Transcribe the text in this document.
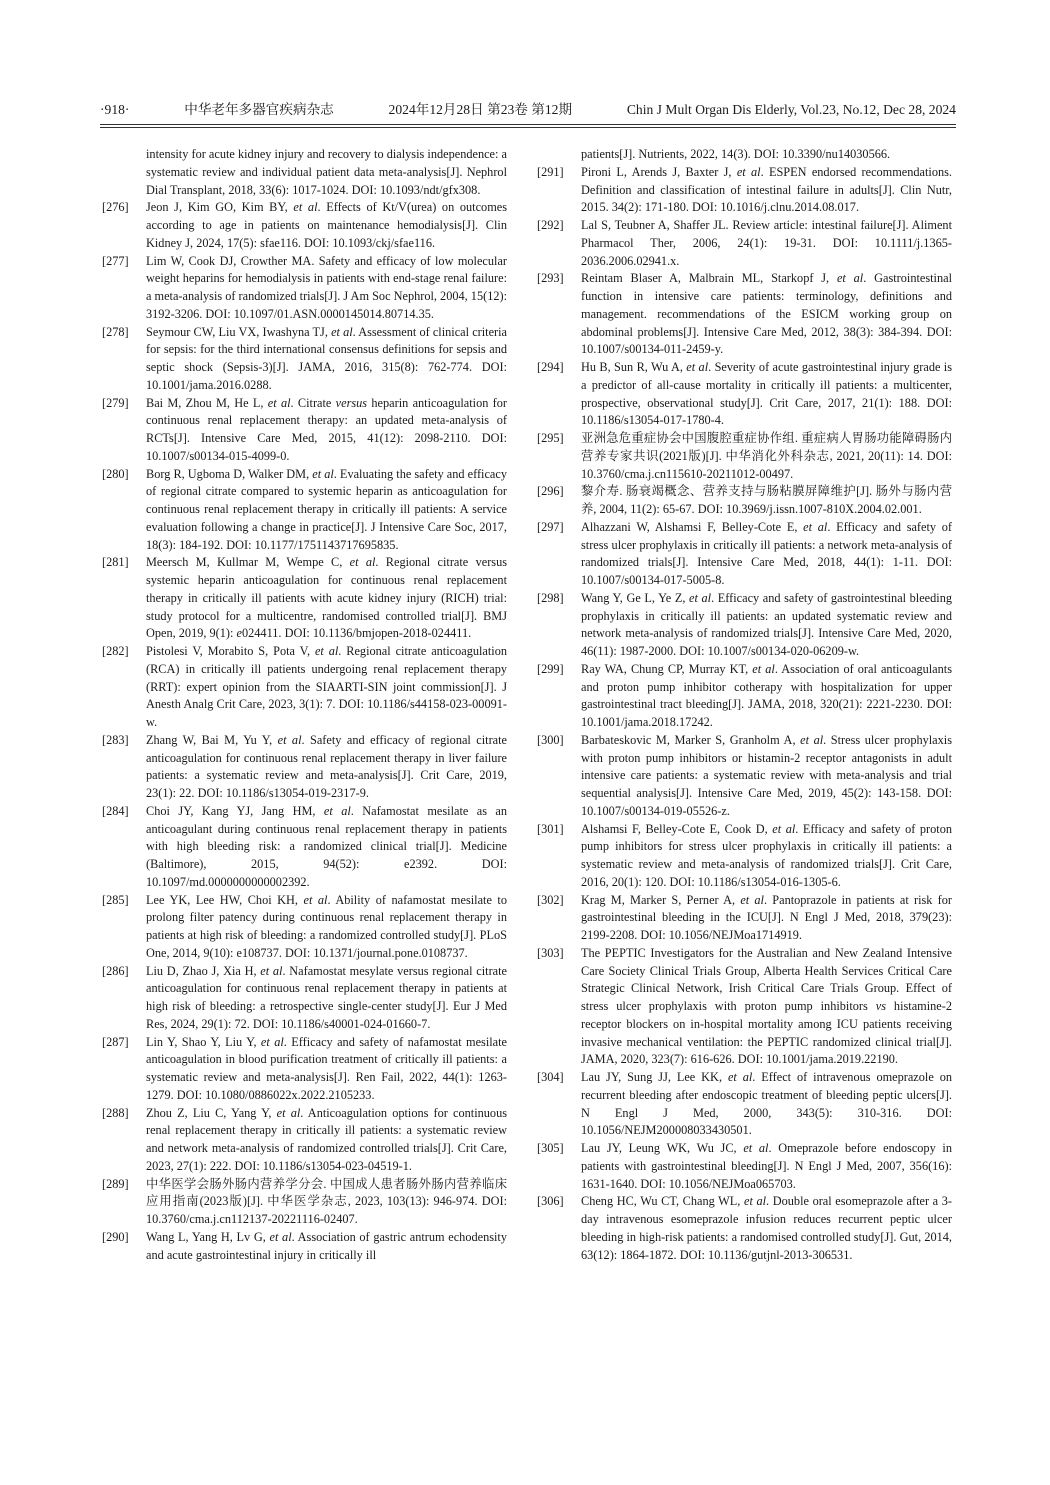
·918·	中华老年多器官疾病杂志	2024年12月28日 第23卷 第12期	Chin J Mult Organ Dis Elderly, Vol.23, No.12, Dec 28, 2024
intensity for acute kidney injury and recovery to dialysis independence: a systematic review and individual patient data meta-analysis[J]. Nephrol Dial Transplant, 2018, 33(6): 1017-1024. DOI: 10.1093/ndt/gfx308.
[276] Jeon J, Kim GO, Kim BY, et al. Effects of Kt/V(urea) on outcomes according to age in patients on maintenance hemodialysis[J]. Clin Kidney J, 2024, 17(5): sfae116. DOI: 10.1093/ckj/sfae116.
[277] Lim W, Cook DJ, Crowther MA. Safety and efficacy of low molecular weight heparins for hemodialysis in patients with end-stage renal failure: a meta-analysis of randomized trials[J]. J Am Soc Nephrol, 2004, 15(12): 3192-3206. DOI: 10.1097/01.ASN.0000145014.80714.35.
[278] Seymour CW, Liu VX, Iwashyna TJ, et al. Assessment of clinical criteria for sepsis: for the third international consensus definitions for sepsis and septic shock (Sepsis-3)[J]. JAMA, 2016, 315(8): 762-774. DOI: 10.1001/jama.2016.0288.
[279] Bai M, Zhou M, He L, et al. Citrate versus heparin anticoagulation for continuous renal replacement therapy: an updated meta-analysis of RCTs[J]. Intensive Care Med, 2015, 41(12): 2098-2110. DOI: 10.1007/s00134-015-4099-0.
[280] Borg R, Ugboma D, Walker DM, et al. Evaluating the safety and efficacy of regional citrate compared to systemic heparin as anticoagulation for continuous renal replacement therapy in critically ill patients: A service evaluation following a change in practice[J]. J Intensive Care Soc, 2017, 18(3): 184-192. DOI: 10.1177/1751143717695835.
[281] Meersch M, Kullmar M, Wempe C, et al. Regional citrate versus systemic heparin anticoagulation for continuous renal replacement therapy in critically ill patients with acute kidney injury (RICH) trial: study protocol for a multicentre, randomised controlled trial[J]. BMJ Open, 2019, 9(1): e024411. DOI: 10.1136/bmjopen-2018-024411.
[282] Pistolesi V, Morabito S, Pota V, et al. Regional citrate anticoagulation (RCA) in critically ill patients undergoing renal replacement therapy (RRT): expert opinion from the SIAARTI-SIN joint commission[J]. J Anesth Analg Crit Care, 2023, 3(1): 7. DOI: 10.1186/s44158-023-00091-w.
[283] Zhang W, Bai M, Yu Y, et al. Safety and efficacy of regional citrate anticoagulation for continuous renal replacement therapy in liver failure patients: a systematic review and meta-analysis[J]. Crit Care, 2019, 23(1): 22. DOI: 10.1186/s13054-019-2317-9.
[284] Choi JY, Kang YJ, Jang HM, et al. Nafamostat mesilate as an anticoagulant during continuous renal replacement therapy in patients with high bleeding risk: a randomized clinical trial[J]. Medicine (Baltimore), 2015, 94(52): e2392. DOI: 10.1097/md.0000000000002392.
[285] Lee YK, Lee HW, Choi KH, et al. Ability of nafamostat mesilate to prolong filter patency during continuous renal replacement therapy in patients at high risk of bleeding: a randomized controlled study[J]. PLoS One, 2014, 9(10): e108737. DOI: 10.1371/journal.pone.0108737.
[286] Liu D, Zhao J, Xia H, et al. Nafamostat mesylate versus regional citrate anticoagulation for continuous renal replacement therapy in patients at high risk of bleeding: a retrospective single-center study[J]. Eur J Med Res, 2024, 29(1): 72. DOI: 10.1186/s40001-024-01660-7.
[287] Lin Y, Shao Y, Liu Y, et al. Efficacy and safety of nafamostat mesilate anticoagulation in blood purification treatment of critically ill patients: a systematic review and meta-analysis[J]. Ren Fail, 2022, 44(1): 1263-1279. DOI: 10.1080/0886022x.2022.2105233.
[288] Zhou Z, Liu C, Yang Y, et al. Anticoagulation options for continuous renal replacement therapy in critically ill patients: a systematic review and network meta-analysis of randomized controlled trials[J]. Crit Care, 2023, 27(1): 222. DOI: 10.1186/s13054-023-04519-1.
[289] 中华医学会肠外肠内营养学分会. 中国成人患者肠外肠内营养临床应用指南(2023版)[J]. 中华医学杂志, 2023, 103(13): 946-974. DOI: 10.3760/cma.j.cn112137-20221116-02407.
[290] Wang L, Yang H, Lv G, et al. Association of gastric antrum echodensity and acute gastrointestinal injury in critically ill
patients[J]. Nutrients, 2022, 14(3). DOI: 10.3390/nu14030566.
[291] Pironi L, Arends J, Baxter J, et al. ESPEN endorsed recommendations. Definition and classification of intestinal failure in adults[J]. Clin Nutr, 2015. 34(2): 171-180. DOI: 10.1016/j.clnu.2014.08.017.
[292] Lal S, Teubner A, Shaffer JL. Review article: intestinal failure[J]. Aliment Pharmacol Ther, 2006, 24(1): 19-31. DOI: 10.1111/j.1365-2036.2006.02941.x.
[293] Reintam Blaser A, Malbrain ML, Starkopf J, et al. Gastrointestinal function in intensive care patients: terminology, definitions and management. recommendations of the ESICM working group on abdominal problems[J]. Intensive Care Med, 2012, 38(3): 384-394. DOI: 10.1007/s00134-011-2459-y.
[294] Hu B, Sun R, Wu A, et al. Severity of acute gastrointestinal injury grade is a predictor of all-cause mortality in critically ill patients: a multicenter, prospective, observational study[J]. Crit Care, 2017, 21(1): 188. DOI: 10.1186/s13054-017-1780-4.
[295] 亚洲急危重症协会中国腹腔重症协作组. 重症病人胃肠功能障碍肠内营养专家共识(2021版)[J]. 中华消化外科杂志, 2021, 20(11): 14. DOI: 10.3760/cma.j.cn115610-20211012-00497.
[296] 黎介寿. 肠衰竭概念、营养支持与肠粘膜屏障维护[J]. 肠外与肠内营养, 2004, 11(2): 65-67. DOI: 10.3969/j.issn.1007-810X.2004.02.001.
[297] Alhazzani W, Alshamsi F, Belley-Cote E, et al. Efficacy and safety of stress ulcer prophylaxis in critically ill patients: a network meta-analysis of randomized trials[J]. Intensive Care Med, 2018, 44(1): 1-11. DOI: 10.1007/s00134-017-5005-8.
[298] Wang Y, Ge L, Ye Z, et al. Efficacy and safety of gastrointestinal bleeding prophylaxis in critically ill patients: an updated systematic review and network meta-analysis of randomized trials[J]. Intensive Care Med, 2020, 46(11): 1987-2000. DOI: 10.1007/s00134-020-06209-w.
[299] Ray WA, Chung CP, Murray KT, et al. Association of oral anticoagulants and proton pump inhibitor cotherapy with hospitalization for upper gastrointestinal tract bleeding[J]. JAMA, 2018, 320(21): 2221-2230. DOI: 10.1001/jama.2018.17242.
[300] Barbateskovic M, Marker S, Granholm A, et al. Stress ulcer prophylaxis with proton pump inhibitors or histamin-2 receptor antagonists in adult intensive care patients: a systematic review with meta-analysis and trial sequential analysis[J]. Intensive Care Med, 2019, 45(2): 143-158. DOI: 10.1007/s00134-019-05526-z.
[301] Alshamsi F, Belley-Cote E, Cook D, et al. Efficacy and safety of proton pump inhibitors for stress ulcer prophylaxis in critically ill patients: a systematic review and meta-analysis of randomized trials[J]. Crit Care, 2016, 20(1): 120. DOI: 10.1186/s13054-016-1305-6.
[302] Krag M, Marker S, Perner A, et al. Pantoprazole in patients at risk for gastrointestinal bleeding in the ICU[J]. N Engl J Med, 2018, 379(23): 2199-2208. DOI: 10.1056/NEJMoa1714919.
[303] The PEPTIC Investigators for the Australian and New Zealand Intensive Care Society Clinical Trials Group, Alberta Health Services Critical Care Strategic Clinical Network, Irish Critical Care Trials Group. Effect of stress ulcer prophylaxis with proton pump inhibitors vs histamine-2 receptor blockers on in-hospital mortality among ICU patients receiving invasive mechanical ventilation: the PEPTIC randomized clinical trial[J]. JAMA, 2020, 323(7): 616-626. DOI: 10.1001/jama.2019.22190.
[304] Lau JY, Sung JJ, Lee KK, et al. Effect of intravenous omeprazole on recurrent bleeding after endoscopic treatment of bleeding peptic ulcers[J]. N Engl J Med, 2000, 343(5): 310-316. DOI: 10.1056/NEJM200008033430501.
[305] Lau JY, Leung WK, Wu JC, et al. Omeprazole before endoscopy in patients with gastrointestinal bleeding[J]. N Engl J Med, 2007, 356(16): 1631-1640. DOI: 10.1056/NEJMoa065703.
[306] Cheng HC, Wu CT, Chang WL, et al. Double oral esomeprazole after a 3-day intravenous esomeprazole infusion reduces recurrent peptic ulcer bleeding in high-risk patients: a randomised controlled study[J]. Gut, 2014, 63(12): 1864-1872. DOI: 10.1136/gutjnl-2013-306531.
